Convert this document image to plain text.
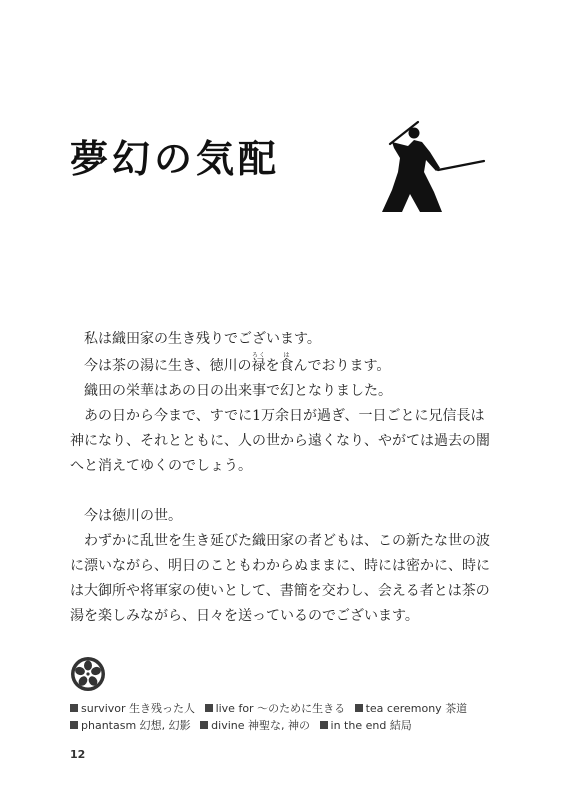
夢幻の気配

私は織田家の生き残りでございます。

今は茶の湯に生き、徳川の禄ろくを食はんでおります。

織田の栄華はあの日の出来事で幻となりました。

あの日から今まで、すでに1万余日が過ぎ、一日ごとに兄信長は神になり、それとともに、人の世から遠くなり、やがては過去の闇へと消えてゆくのでしょう。

今は徳川の世。

わずかに乱世を生き延びた織田家の者どもは、この新たな世の波に漂いながら、明日のこともわからぬままに、時には密かに、時には大御所や将軍家の使いとして、書簡を交わし、会える者とは茶の湯を楽しみながら、日々を送っているのでございます。

survivor 生き残った人 live for ～のために生きる tea ceremony 茶道
phantasm 幻想, 幻影 divine 神聖な, 神の in the end 結局
12
